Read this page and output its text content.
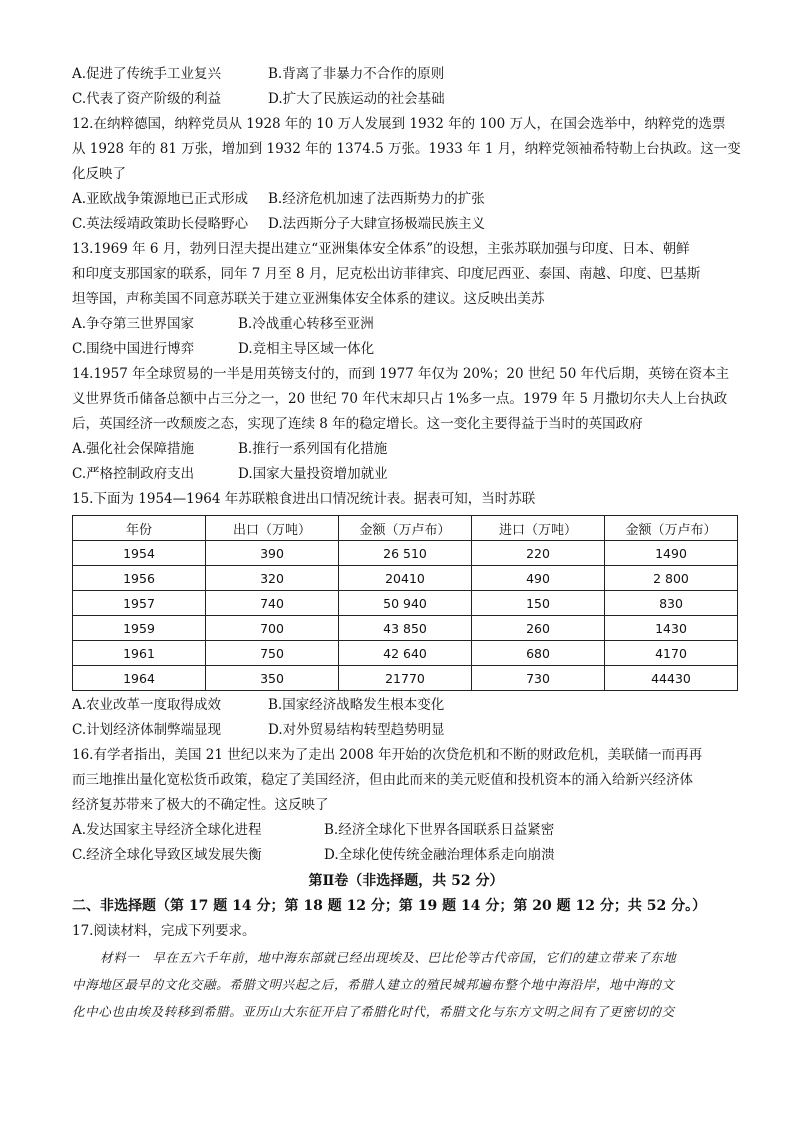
A.促进了传统手工业复兴	B.背离了非暴力不合作的原则
C.代表了资产阶级的利益	D.扩大了民族运动的社会基础
12.在纳粹德国，纳粹党员从 1928 年的 10 万人发展到 1932 年的 100 万人，在国会选举中，纳粹党的选票
从 1928 年的 81 万张，增加到 1932 年的 1374.5 万张。1933 年 1 月，纳粹党领袖希特勒上台执政。这一变
化反映了
A.亚欧战争策源地已正式形成	B.经济危机加速了法西斯势力的扩张
C.英法绥靖政策助长侵略野心	D.法西斯分子大肆宣扬极端民族主义
13.1969 年 6 月，勃列日涅夫提出建立“亚洲集体安全体系”的设想，主张苏联加强与印度、日本、朝鲜
和印度支那国家的联系，同年 7 月至 8 月，尼克松出访菲律宾、印度尼西亚、泰国、南越、印度、巴基斯
坦等国，声称美国不同意苏联关于建立亚洲集体安全体系的建议。这反映出美苏
A.争夺第三世界国家	B.冷战重心转移至亚洲
C.围绕中国进行博弈	D.竞相主导区域一体化
14.1957 年全球贸易的一半是用英镑支付的，而到 1977 年仅为 20%；20 世纪 50 年代后期，英镑在资本主
义世界货币储备总额中占三分之一，20 世纪 70 年代末却只占 1%多一点。1979 年 5 月撒切尔夫人上台执政
后，英国经济一改颓废之态，实现了连续 8 年的稳定增长。这一变化主要得益于当时的英国政府
A.强化社会保障措施	B.推行一系列国有化措施
C.严格控制政府支出	D.国家大量投资增加就业
15.下面为 1954—1964 年苏联粮食进出口情况统计表。据表可知，当时苏联
年份	出口（万吨）	金额（万卢布）	进口（万吨）	金额（万卢布）
1954	390	26 510	220	1490
1956	320	20410	490	2 800
1957	740	50 940	150	830
1959	700	43 850	260	1430
1961	750	42 640	680	4170
1964	350	21770	730	44430
A.农业改革一度取得成效	B.国家经济战略发生根本变化
C.计划经济体制弊端显现	D.对外贸易结构转型趋势明显
16.有学者指出，美国 21 世纪以来为了走出 2008 年开始的次贷危机和不断的财政危机，美联储一而再再
而三地推出量化宽松货币政策，稳定了美国经济，但由此而来的美元贬值和投机资本的涌入给新兴经济体
经济复苏带来了极大的不确定性。这反映了
A.发达国家主导经济全球化进程	B.经济全球化下世界各国联系日益紧密
C.经济全球化导致区域发展失衡	D.全球化使传统金融治理体系走向崩溃
第Ⅱ卷（非选择题，共 52 分）
二、非选择题（第 17 题 14 分；第 18 题 12 分；第 19 题 14 分；第 20 题 12 分；共 52 分。）
17.阅读材料，完成下列要求。
材料一　早在五六千年前，地中海东部就已经出现埃及、巴比伦等古代帝国，它们的建立带来了东地
中海地区最早的文化交融。希腊文明兴起之后，希腊人建立的殖民城邦遍布整个地中海沿岸，地中海的文
化中心也由埃及转移到希腊。亚历山大东征开启了希腊化时代，希腊文化与东方文明之间有了更密切的交
